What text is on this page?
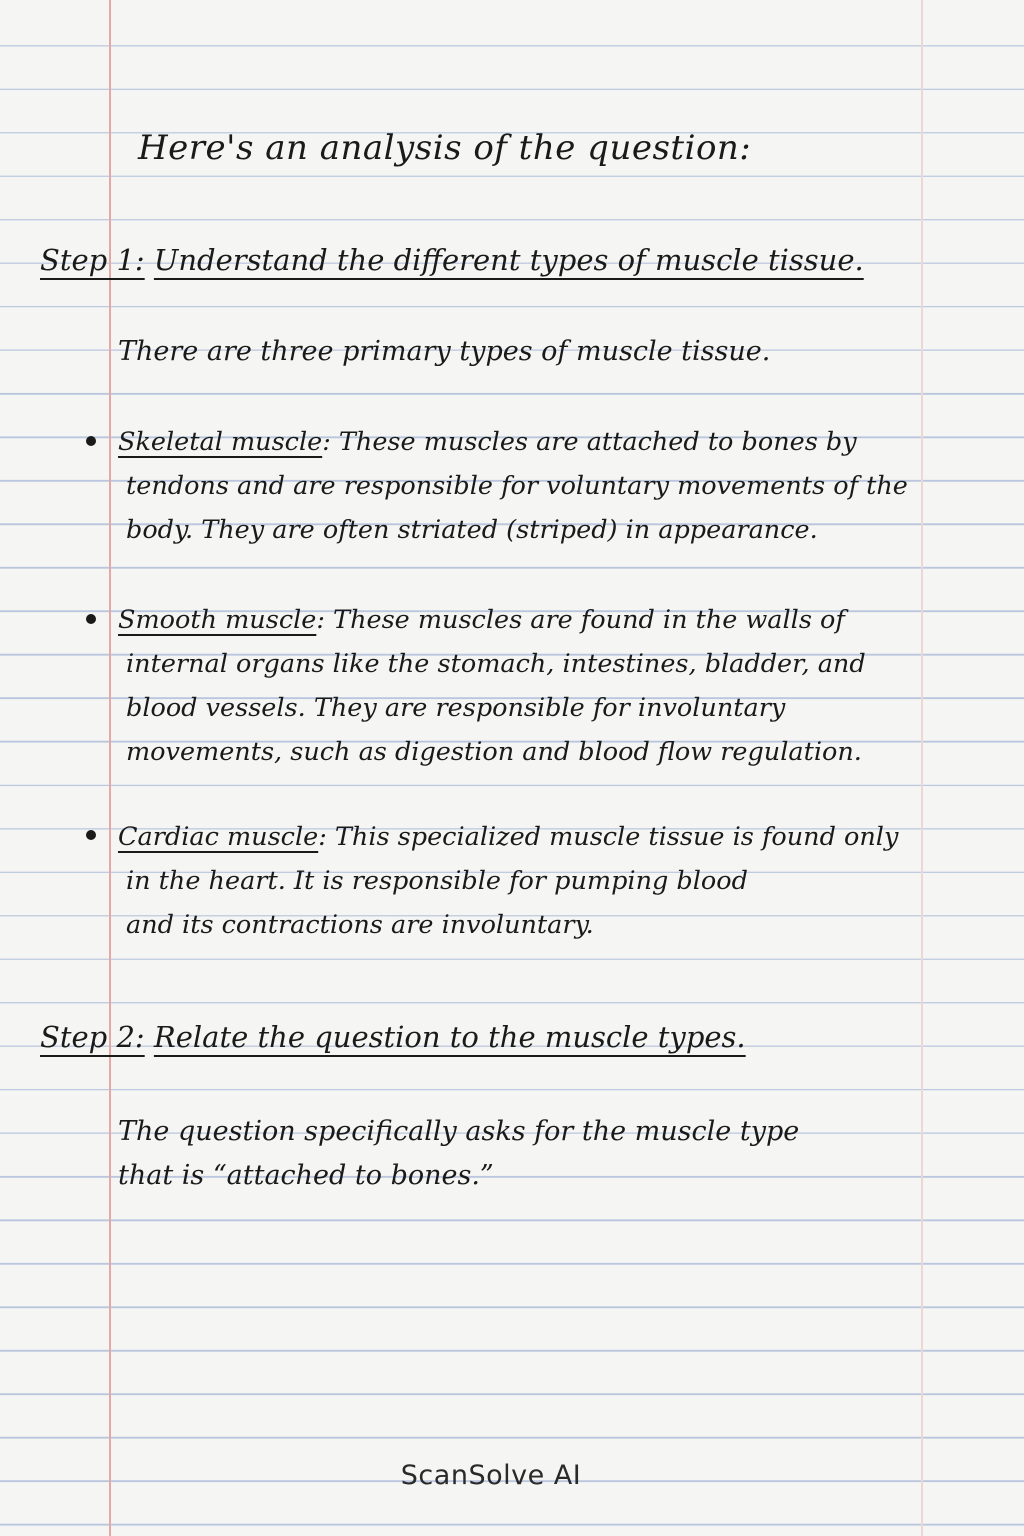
Here's an analysis of the question:
Step 1: Understand the different types of muscle tissue.
There are three primary types of muscle tissue.
Skeletal muscle: These muscles are attached to bones by
tendons and are responsible for voluntary movements of the
body. They are often striated (striped) in appearance.
Smooth muscle: These muscles are found in the walls of
internal organs like the stomach, intestines, bladder, and
blood vessels. They are responsible for involuntary
movements, such as digestion and blood flow regulation.
Cardiac muscle: This specialized muscle tissue is found only
in the heart. It is responsible for pumping blood
and its contractions are involuntary.
Step 2: Relate the question to the muscle types.
The question specifically asks for the muscle type
that is “attached to bones.”
ScanSolve AI
